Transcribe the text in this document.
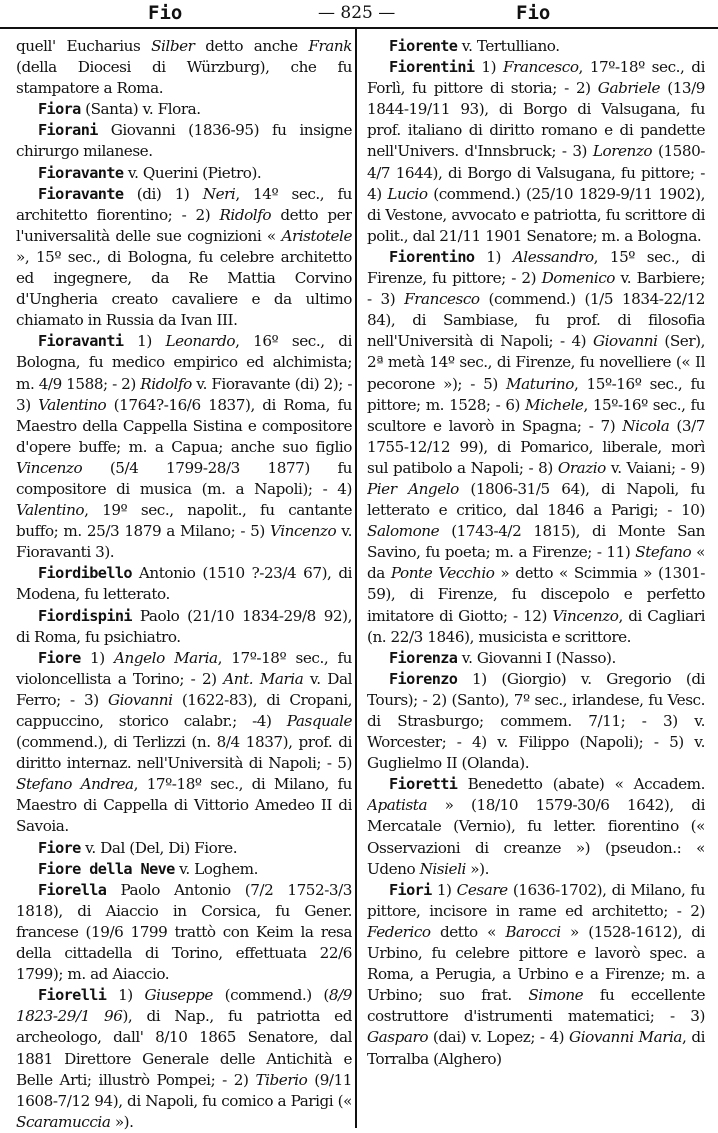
Fio	— 825 —	Fio
quell' Eucharius Silber detto anche Frank (della Diocesi di Würzburg), che fu stampatore a Roma.
Fiora (Santa) v. Flora.
Fiorani Giovanni (1836-95) fu insigne chirurgo milanese.
Fioravante v. Querini (Pietro).
Fioravante (di) 1) Neri, 14º sec., fu architetto fiorentino; - 2) Ridolfo detto per l'universalità delle sue cognizioni « Aristotele », 15º sec., di Bologna, fu celebre architetto ed ingegnere, da Re Mattia Corvino d'Ungheria creato cavaliere e da ultimo chiamato in Russia da Ivan III.
Fioravanti 1) Leonardo, 16º sec., di Bologna, fu medico empirico ed alchimista; m. 4/9 1588; - 2) Ridolfo v. Fioravante (di) 2); - 3) Valentino (1764?-16/6 1837), di Roma, fu Maestro della Cappella Sistina e compositore d'opere buffe; m. a Capua; anche suo figlio Vincenzo (5/4 1799-28/3 1877) fu compositore di musica (m. a Napoli); - 4) Valentino, 19º sec., napolit., fu cantante buffo; m. 25/3 1879 a Milano; - 5) Vincenzo v. Fioravanti 3).
Fiordibello Antonio (1510 ?-23/4 67), di Modena, fu letterato.
Fiordispini Paolo (21/10 1834-29/8 92), di Roma, fu psichiatro.
Fiore 1) Angelo Maria, 17º-18º sec., fu violoncellista a Torino; - 2) Ant. Maria v. Dal Ferro; - 3) Giovanni (1622-83), di Cropani, cappuccino, storico calabr.; -4) Pasquale (commend.), di Terlizzi (n. 8/4 1837), prof. di diritto internaz. nell'Università di Napoli; - 5) Stefano Andrea, 17º-18º sec., di Milano, fu Maestro di Cappella di Vittorio Amedeo II di Savoia.
Fiore v. Dal (Del, Di) Fiore.
Fiore della Neve v. Loghem.
Fiorella Paolo Antonio (7/2 1752-3/3 1818), di Aiaccio in Corsica, fu Gener. francese (19/6 1799 trattò con Keim la resa della cittadella di Torino, effettuata 22/6 1799); m. ad Aiaccio.
Fiorelli 1) Giuseppe (commend.) (8/9 1823-29/1 96), di Nap., fu patriotta ed archeologo, dall' 8/10 1865 Senatore, dal 1881 Direttore Generale delle Antichità e Belle Arti; illustrò Pompei; - 2) Tiberio (9/11 1608-7/12 94), di Napoli, fu comico a Parigi (« Scaramuccia »).
Fiorente v. Tertulliano.
Fiorentini 1) Francesco, 17º-18º sec., di Forlì, fu pittore di storia; - 2) Gabriele (13/9 1844-19/11 93), di Borgo di Valsugana, fu prof. italiano di diritto romano e di pandette nell'Univers. d'Innsbruck; - 3) Lorenzo (1580-4/7 1644), di Borgo di Valsugana, fu pittore; - 4) Lucio (commend.) (25/10 1829-9/11 1902), di Vestone, avvocato e patriotta, fu scrittore di polit., dal 21/11 1901 Senatore; m. a Bologna.
Fiorentino 1) Alessandro, 15º sec., di Firenze, fu pittore; - 2) Domenico v. Barbiere; - 3) Francesco (commend.) (1/5 1834-22/12 84), di Sambiase, fu prof. di filosofia nell'Università di Napoli; - 4) Giovanni (Ser), 2ª metà 14º sec., di Firenze, fu novelliere (« Il pecorone »); - 5) Maturino, 15º-16º sec., fu pittore; m. 1528; - 6) Michele, 15º-16º sec., fu scultore e lavorò in Spagna; - 7) Nicola (3/7 1755-12/12 99), di Pomarico, liberale, morì sul patibolo a Napoli; - 8) Orazio v. Vaiani; - 9) Pier Angelo (1806-31/5 64), di Napoli, fu letterato e critico, dal 1846 a Parigi; - 10) Salomone (1743-4/2 1815), di Monte San Savino, fu poeta; m. a Firenze; - 11) Stefano « da Ponte Vecchio » detto « Scimmia » (1301-59), di Firenze, fu discepolo e perfetto imitatore di Giotto; - 12) Vincenzo, di Cagliari (n. 22/3 1846), musicista e scrittore.
Fiorenza v. Giovanni I (Nasso).
Fiorenzo 1) (Giorgio) v. Gregorio (di Tours); - 2) (Santo), 7º sec., irlandese, fu Vesc. di Strasburgo; commem. 7/11; - 3) v. Worcester; - 4) v. Filippo (Napoli); - 5) v. Guglielmo II (Olanda).
Fioretti Benedetto (abate) « Accadem. Apatista » (18/10 1579-30/6 1642), di Mercatale (Vernio), fu letter. fiorentino (« Osservazioni di creanze ») (pseudon.: « Udeno Nisieli »).
Fiori 1) Cesare (1636-1702), di Milano, fu pittore, incisore in rame ed architetto; - 2) Federico detto « Barocci » (1528-1612), di Urbino, fu celebre pittore e lavorò spec. a Roma, a Perugia, a Urbino e a Firenze; m. a Urbino; suo frat. Simone fu eccellente costruttore d'istrumenti matematici; - 3) Gasparo (dai) v. Lopez; - 4) Giovanni Maria, di Torralba (Alghero)
